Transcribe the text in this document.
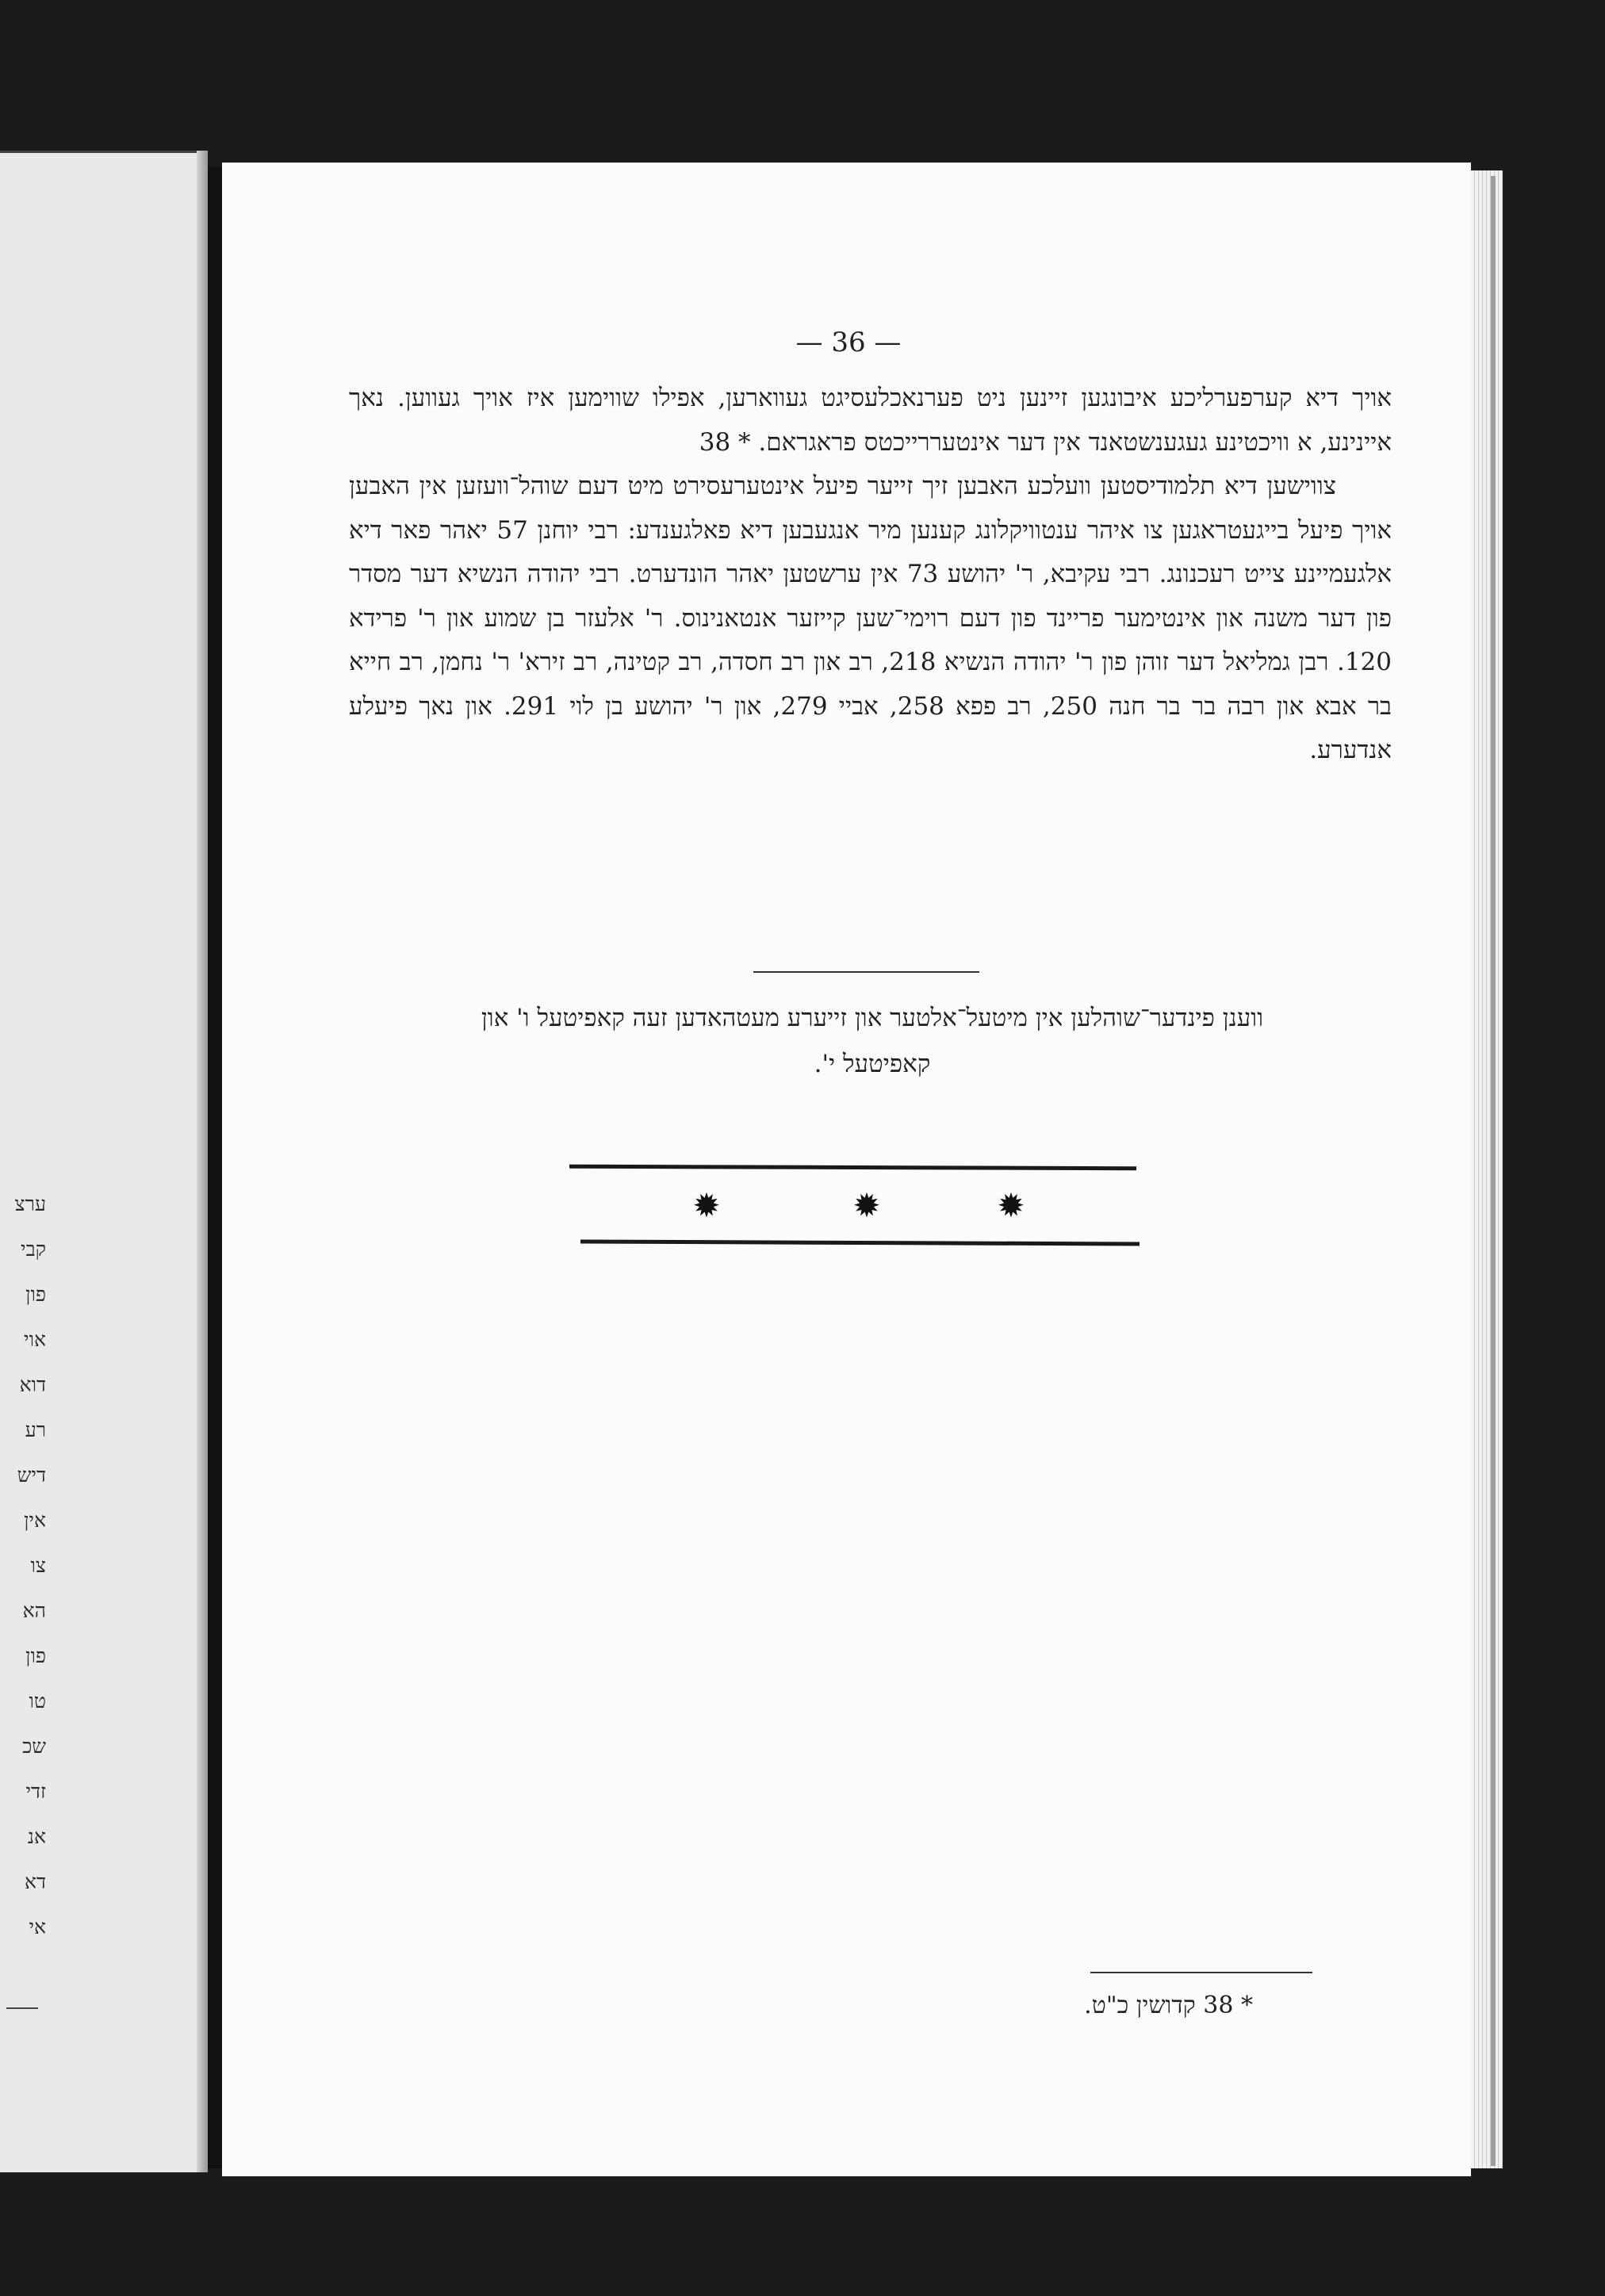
ערצ
קבי
פון
אוי
דוא
רע
דיש
אין
צו
הא
פון
טו
שכ
זדי
אנ
דא
אי
— 36 —

אויך דיא קערפערליכע איבונגען זיינען ניט פערנאכלעסיגט געווארען, אפילו שווימען איז אויך געווען. נאך איינינע, א וויכטינע געגענשטאנד אין דער אינטעררייכטס פראגראם. * 38

צווישען דיא תלמודיסטען וועלכע האבען זיך זייער פיעל אינטערעסירט מיט דעם שוהל־וועזען אין האבען אויך פיעל בייגעטראגען צו איהר ענטוויקלונג קענען מיר אנגעבען דיא פאלגענדע: רבי יוחנן 57 יאהר פאר דיא אלגעמיינע צייט רעכנונג. רבי עקיבא, ר' יהושע 73 אין ערשטען יאהר הונדערט. רבי יהודה הנשיא דער מסדר פון דער משנה און אינטימער פריינד פון דעם רוימי־שען קייזער אנטאנינוס. ר' אלעזר בן שמוע און ר' פרידא 120. רבן גמליאל דער זוהן פון ר' יהודה הנשיא 218, רב און רב חסדה, רב קטינה, רב זירא' ר' נחמן, רב חייא בר אבא און רבה בר בר חנה 250, רב פפא 258, אביי 279, און ר' יהושע בן לוי 291. און נאך פיעלע אנדערע.

ווענן פינדער־שוהלען אין מיטעל־אלטער און זייערע מעטהאדען זעה קאפיטעל ו' און קאפיטעל י'.
✹	✹	✹
* 38 קדושין כ"ט.
